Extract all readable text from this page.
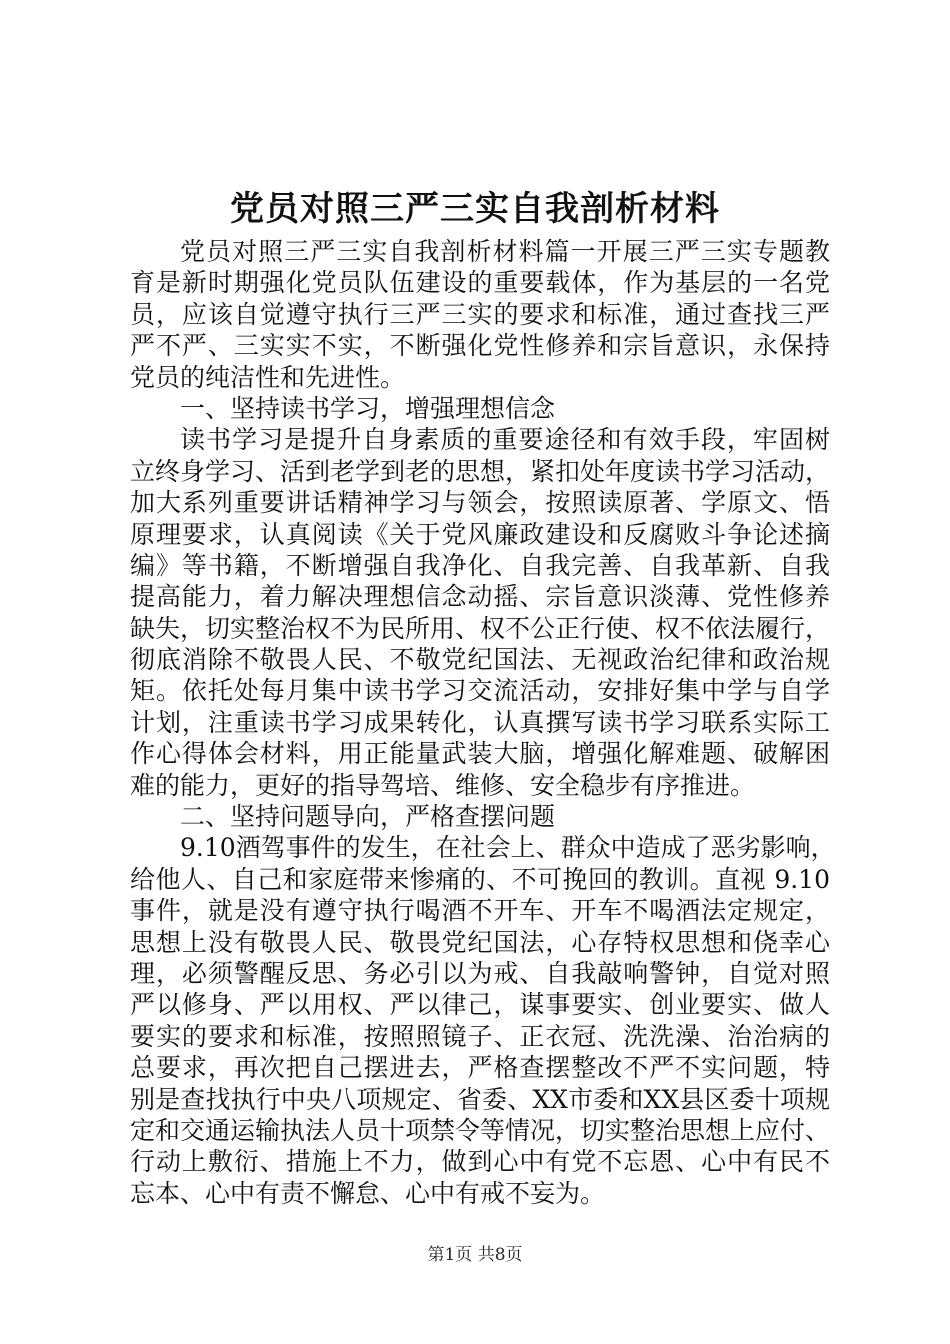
党员对照三严三实自我剖析材料
党员对照三严三实自我剖析材料篇一开展三严三实专题教
育是新时期强化党员队伍建设的重要载体，作为基层的一名党
员，应该自觉遵守执行三严三实的要求和标准，通过查找三严
严不严、三实实不实，不断强化党性修养和宗旨意识，永保持
党员的纯洁性和先进性。
一、坚持读书学习，增强理想信念
读书学习是提升自身素质的重要途径和有效手段，牢固树
立终身学习、活到老学到老的思想，紧扣处年度读书学习活动，
加大系列重要讲话精神学习与领会，按照读原著、学原文、悟
原理要求，认真阅读《关于党风廉政建设和反腐败斗争论述摘
编》等书籍，不断增强自我净化、自我完善、自我革新、自我
提高能力，着力解决理想信念动摇、宗旨意识淡薄、党性修养
缺失，切实整治权不为民所用、权不公正行使、权不依法履行，
彻底消除不敬畏人民、不敬党纪国法、无视政治纪律和政治规
矩。依托处每月集中读书学习交流活动，安排好集中学与自学
计划，注重读书学习成果转化，认真撰写读书学习联系实际工
作心得体会材料，用正能量武装大脑，增强化解难题、破解困
难的能力，更好的指导驾培、维修、安全稳步有序推进。
二、坚持问题导向，严格查摆问题
9.10酒驾事件的发生，在社会上、群众中造成了恶劣影响，
给他人、自己和家庭带来惨痛的、不可挽回的教训。直视 9.10
事件，就是没有遵守执行喝酒不开车、开车不喝酒法定规定，
思想上没有敬畏人民、敬畏党纪国法，心存特权思想和侥幸心
理，必须警醒反思、务必引以为戒、自我敲响警钟，自觉对照
严以修身、严以用权、严以律己，谋事要实、创业要实、做人
要实的要求和标准，按照照镜子、正衣冠、洗洗澡、治治病的
总要求，再次把自己摆进去，严格查摆整改不严不实问题，特
别是查找执行中央八项规定、省委、XX市委和XX县区委十项规
定和交通运输执法人员十项禁令等情况，切实整治思想上应付、
行动上敷衍、措施上不力，做到心中有党不忘恩、心中有民不
忘本、心中有责不懈怠、心中有戒不妄为。
第1页 共8页
